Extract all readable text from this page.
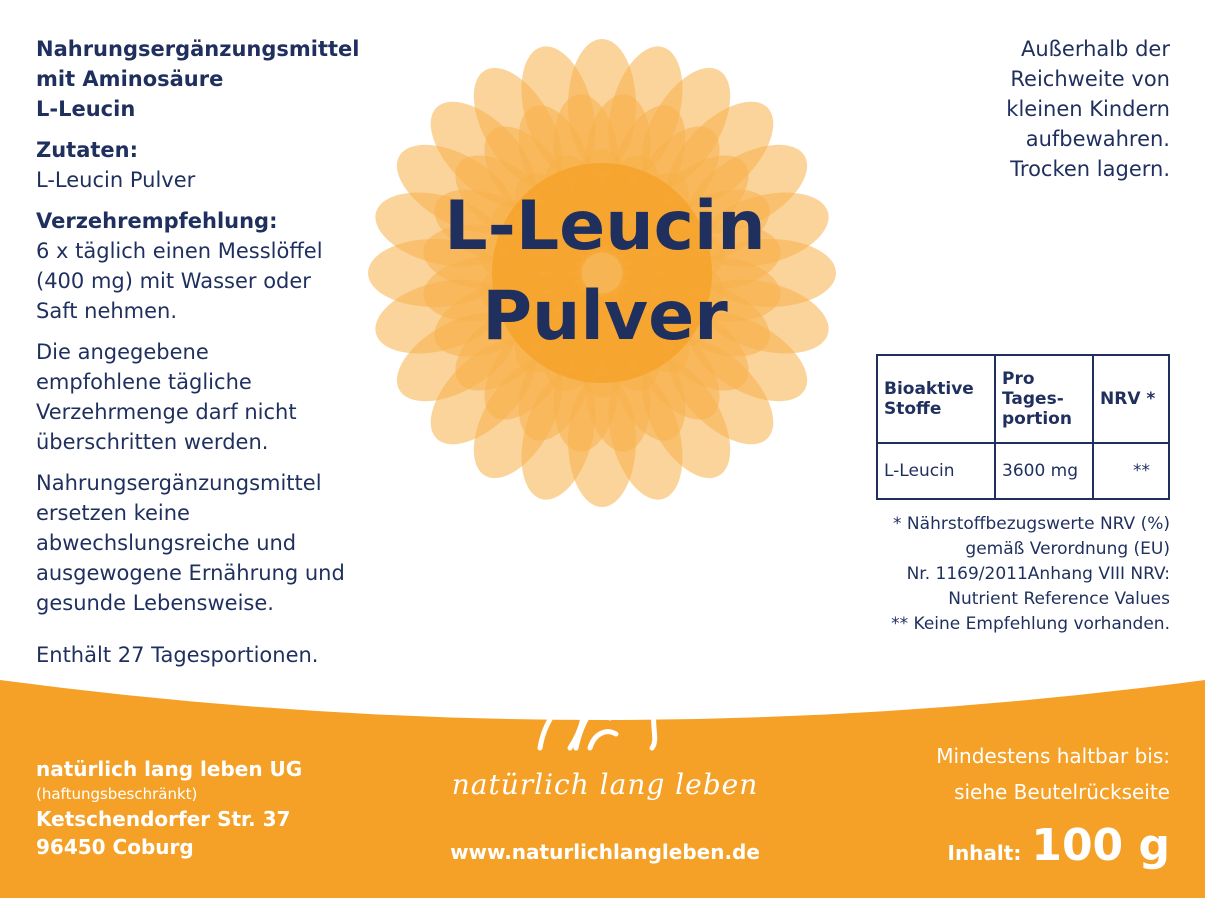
L-Leucin
Pulver

Nahrungsergänzungsmittel
mit Aminosäure
L-Leucin

Zutaten:
L-Leucin Pulver

Verzehrempfehlung:
6 x täglich einen Messlöffel
(400 mg) mit Wasser oder
Saft nehmen.

Die angegebene
empfohlene tägliche
Verzehrmenge darf nicht
überschritten werden.

Nahrungsergänzungsmittel
ersetzen keine
abwechslungsreiche und
ausgewogene Ernährung und
gesunde Lebensweise.

Enthält 27 Tagesportionen.

Außerhalb der
Reichweite von
kleinen Kindern
aufbewahren.
Trocken lagern.
Bioaktive
Stoffe	Pro
Tages-
portion	NRV *
L-Leucin	3600 mg	**
* Nährstoffbezugswerte NRV (%)
gemäß Verordnung (EU)
Nr. 1169/2011Anhang VIII NRV:
Nutrient Reference Values
** Keine Empfehlung vorhanden.
natürlich lang leben UG
(haftungsbeschränkt)
Ketschendorfer Str. 37
96450 Coburg
natürlich lang leben
www.naturlichlangleben.de
Mindestens haltbar bis:
siehe Beutelrückseite
Inhalt: 100 g
